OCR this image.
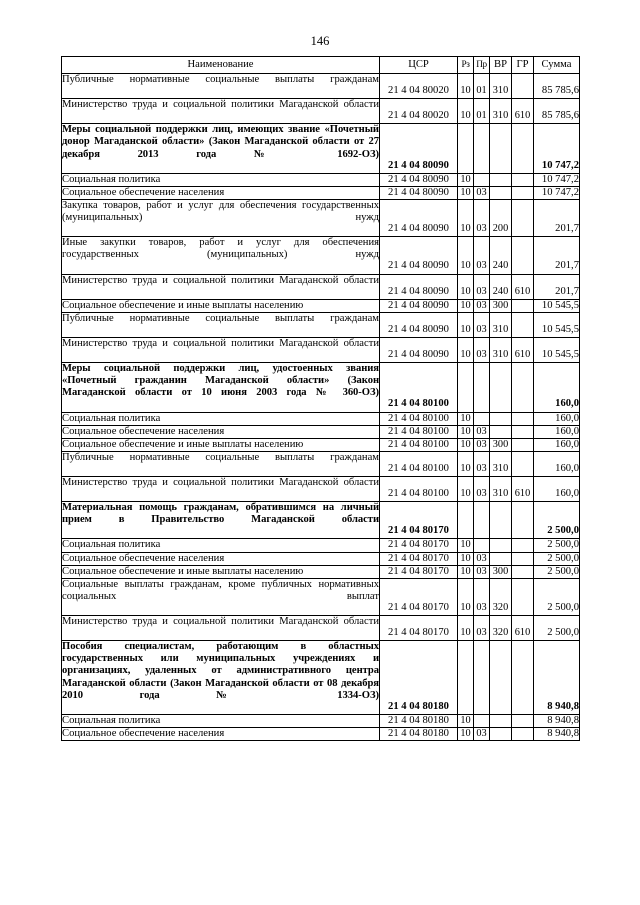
146
Наименование	ЦСР	Рз	Пр	ВР	ГР	Сумма
Публичные нормативные социальные выплаты гражданам	21 4 04 80020	10	01	310		85 785,6
Министерство труда и социальной политики Магаданской области	21 4 04 80020	10	01	310	610	85 785,6
Меры социальной поддержки лиц, имеющих звание «Почетный донор Магаданской области» (Закон Магаданской области от 27 декабря 2013 года № 1692-ОЗ)	21 4 04 80090					10 747,2
Социальная политика	21 4 04 80090	10				10 747,2
Социальное обеспечение населения	21 4 04 80090	10	03			10 747,2
Закупка товаров, работ и услуг для обеспечения государственных (муниципальных) нужд	21 4 04 80090	10	03	200		201,7
Иные закупки товаров, работ и услуг для обеспечения государственных (муниципальных) нужд	21 4 04 80090	10	03	240		201,7
Министерство труда и социальной политики Магаданской области	21 4 04 80090	10	03	240	610	201,7
Социальное обеспечение и иные выплаты населению	21 4 04 80090	10	03	300		10 545,5
Публичные нормативные социальные выплаты гражданам	21 4 04 80090	10	03	310		10 545,5
Министерство труда и социальной политики Магаданской области	21 4 04 80090	10	03	310	610	10 545,5
Меры социальной поддержки лиц, удостоенных звания «Почетный гражданин Магаданской области» (Закон Магаданской области от 10 июня 2003 года № 360-ОЗ)	21 4 04 80100					160,0
Социальная политика	21 4 04 80100	10				160,0
Социальное обеспечение населения	21 4 04 80100	10	03			160,0
Социальное обеспечение и иные выплаты населению	21 4 04 80100	10	03	300		160,0
Публичные нормативные социальные выплаты гражданам	21 4 04 80100	10	03	310		160,0
Министерство труда и социальной политики Магаданской области	21 4 04 80100	10	03	310	610	160,0
Материальная помощь гражданам, обратившимся на личный прием в Правительство Магаданской области	21 4 04 80170					2 500,0
Социальная политика	21 4 04 80170	10				2 500,0
Социальное обеспечение населения	21 4 04 80170	10	03			2 500,0
Социальное обеспечение и иные выплаты населению	21 4 04 80170	10	03	300		2 500,0
Социальные выплаты гражданам, кроме публичных нормативных социальных выплат	21 4 04 80170	10	03	320		2 500,0
Министерство труда и социальной политики Магаданской области	21 4 04 80170	10	03	320	610	2 500,0
Пособия специалистам, работающим в областных государственных или муниципальных учреждениях и организациях, удаленных от административного центра Магаданской области (Закон Магаданской области от 08 декабря 2010 года № 1334-ОЗ)	21 4 04 80180					8 940,8
Социальная политика	21 4 04 80180	10				8 940,8
Социальное обеспечение населения	21 4 04 80180	10	03			8 940,8
